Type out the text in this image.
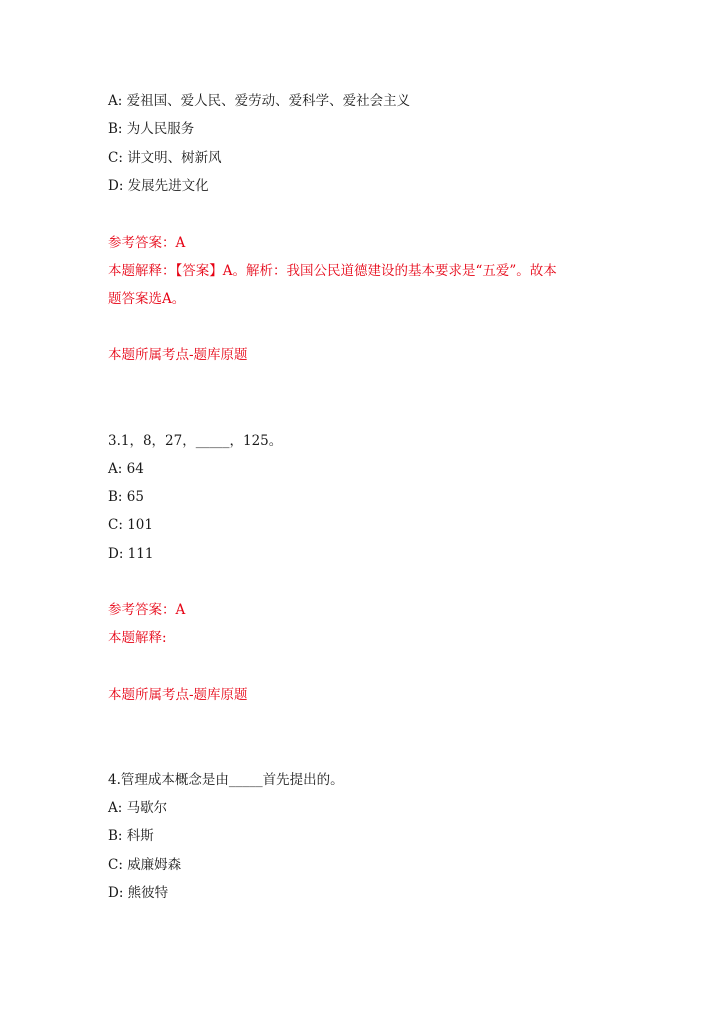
A: 爱祖国、爱人民、爱劳动、爱科学、爱社会主义
B: 为人民服务
C: 讲文明、树新风
D: 发展先进文化
参考答案：A
本题解释：【答案】A。解析：我国公民道德建设的基本要求是“五爱”。故本
题答案选A。
本题所属考点-题库原题
3.1，8，27，_____，125。
A: 64
B: 65
C: 101
D: 111
参考答案：A
本题解释:
本题所属考点-题库原题
4.管理成本概念是由_____首先提出的。
A: 马歇尔
B: 科斯
C: 威廉姆森
D: 熊彼特
